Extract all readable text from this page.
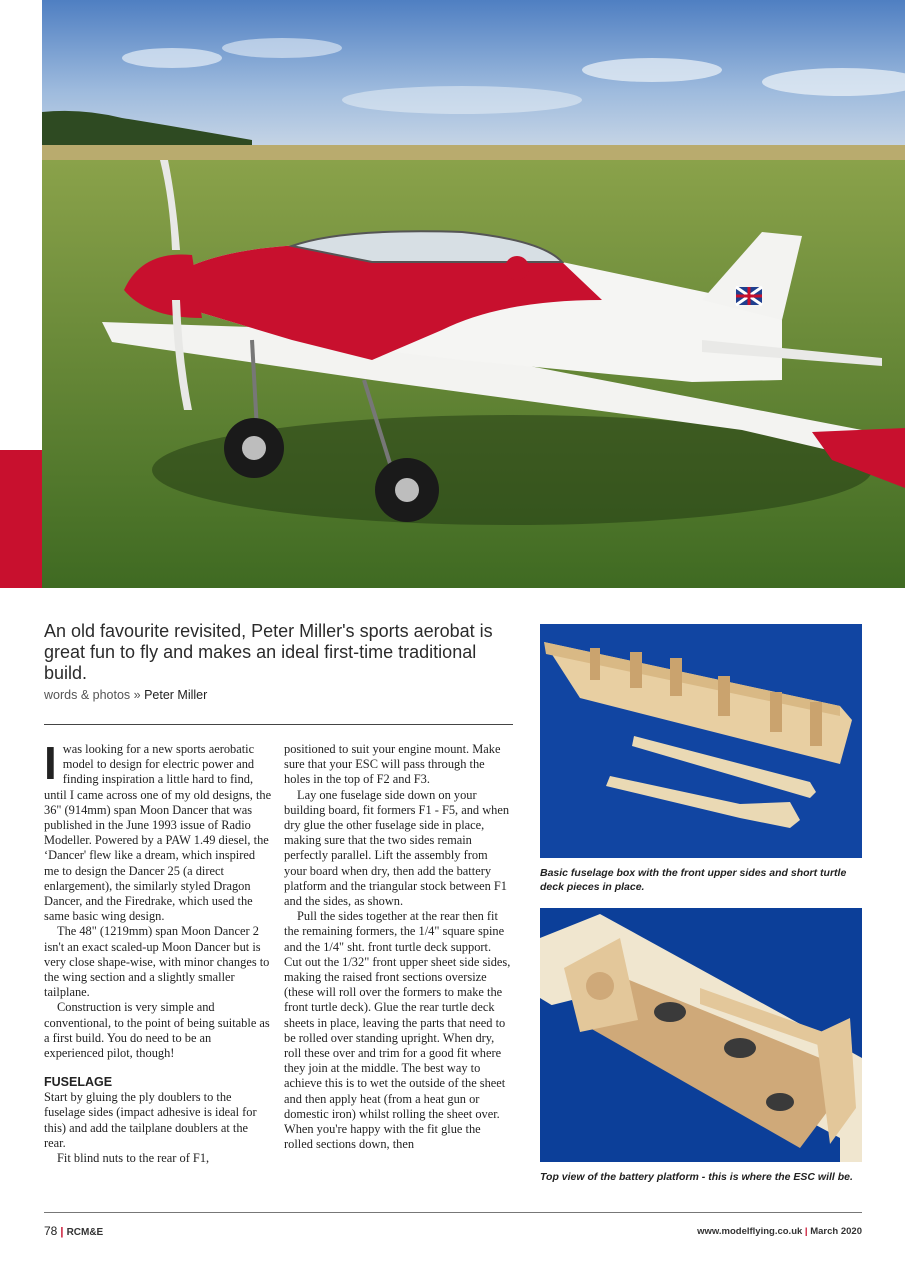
An old favourite revisited, Peter Miller's sports aerobat is great fun to fly and makes an ideal first-time traditional build.
words & photos » Peter Miller

Iwas looking for a new sports aerobatic model to design for electric power and finding inspiration a little hard to find, until I came across one of my old designs, the 36" (914mm) span Moon Dancer that was published in the June 1993 issue of Radio Modeller. Powered by a PAW 1.49 diesel, the ‘Dancer' flew like a dream, which inspired me to design the Dancer 25 (a direct enlargement), the similarly styled Dragon Dancer, and the Firedrake, which used the same basic wing design.

The 48" (1219mm) span Moon Dancer 2 isn't an exact scaled-up Moon Dancer but is very close shape-wise, with minor changes to the wing section and a slightly smaller tailplane.

Construction is very simple and conventional, to the point of being suitable as a first build. You do need to be an experienced pilot, though!

FUSELAGE

Start by gluing the ply doublers to the fuselage sides (impact adhesive is ideal for this) and add the tailplane doublers at the rear.

Fit blind nuts to the rear of F1,

positioned to suit your engine mount. Make sure that your ESC will pass through the holes in the top of F2 and F3.

Lay one fuselage side down on your building board, fit formers F1 - F5, and when dry glue the other fuselage side in place, making sure that the two sides remain perfectly parallel. Lift the assembly from your board when dry, then add the battery platform and the triangular stock between F1 and the sides, as shown.

Pull the sides together at the rear then fit the remaining formers, the 1/4" square spine and the 1/4" sht. front turtle deck support. Cut out the 1/32" front upper sheet side sides, making the raised front sections oversize (these will roll over the formers to make the front turtle deck). Glue the rear turtle deck sheets in place, leaving the parts that need to be rolled over standing upright. When dry, roll these over and trim for a good fit where they join at the middle. The best way to achieve this is to wet the outside of the sheet and then apply heat (from a heat gun or domestic iron) whilst rolling the sheet over. When you're happy with the fit glue the rolled sections down, then

Basic fuselage box with the front upper sides and short turtle deck pieces in place.
Top view of the battery platform - this is where the ESC will be.
78 | RCM&E	www.modelflying.co.uk | March 2020
